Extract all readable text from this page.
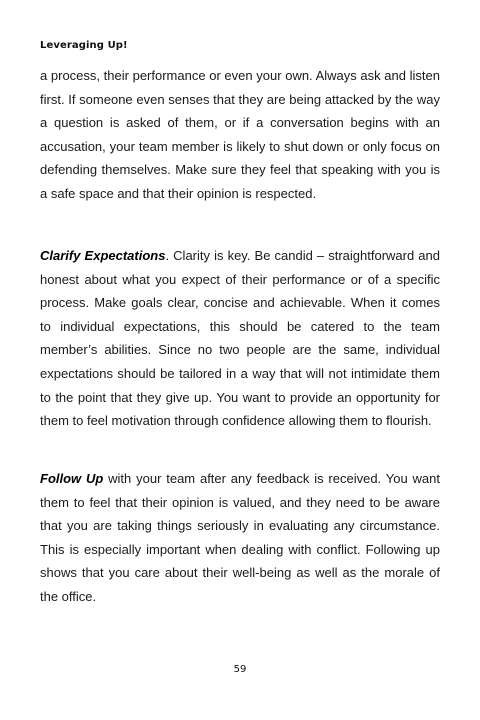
Leveraging Up!

a process, their performance or even your own. Always ask and listen first. If someone even senses that they are being attacked by the way a question is asked of them, or if a conversation begins with an accusation, your team member is likely to shut down or only focus on defending themselves. Make sure they feel that speaking with you is a safe space and that their opinion is respected.

Clarify Expectations. Clarity is key. Be candid – straightforward and honest about what you expect of their performance or of a specific process. Make goals clear, concise and achievable. When it comes to individual expectations, this should be catered to the team member’s abilities. Since no two people are the same, individual expectations should be tailored in a way that will not intimidate them to the point that they give up. You want to provide an opportunity for them to feel motivation through confidence allowing them to flourish.

Follow Up with your team after any feedback is received. You want them to feel that their opinion is valued, and they need to be aware that you are taking things seriously in evaluating any circumstance. This is especially important when dealing with conflict. Following up shows that you care about their well-being as well as the morale of the office.

59
